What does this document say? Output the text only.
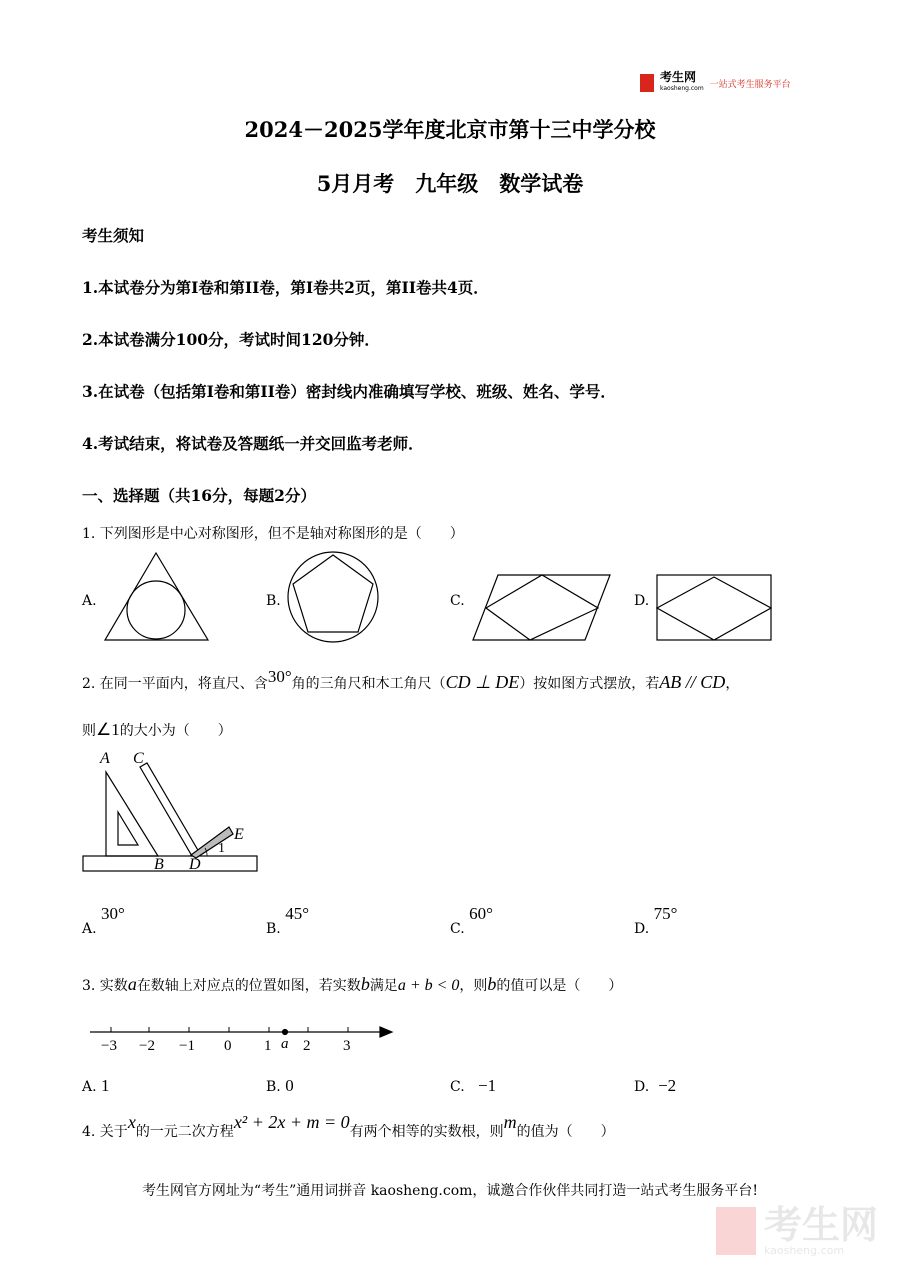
考生网
kaosheng.com 一站式考生服务平台
2024－2025学年度北京市第十三中学分校
5月月考　九年级　数学试卷
考生须知
1.本试卷分为第I卷和第II卷，第I卷共2页，第II卷共4页．
2.本试卷满分100分，考试时间120分钟．
3.在试卷（包括第I卷和第II卷）密封线内准确填写学校、班级、姓名、学号．
4.考试结束，将试卷及答题纸一并交回监考老师．
一、选择题（共16分，每题2分）
1. 下列图形是中心对称图形，但不是轴对称图形的是（　　）
A.	B.	C.	D.
2. 在同一平面内，将直尺、含30°角的三角尺和木工角尺（CD ⊥ DE）按如图方式摆放，若AB // CD，
则∠1的大小为（　　）
A C
E
1
B D
A. 30°
B. 45°
C. 60°
D. 75°
3. 实数a在数轴上对应点的位置如图，若实数b满足a + b < 0，则b的值可以是（　　）
−3 −2 −1 0 1 2 3
a
A. 1	B. 0	C. −1	D. −2
4. 关于x的一元二次方程x² + 2x + m = 0有两个相等的实数根，则m的值为（　　）
考生网官方网址为“考生”通用词拼音 kaosheng.com，诚邀合作伙伴共同打造一站式考生服务平台!
考生网
kaosheng.com
